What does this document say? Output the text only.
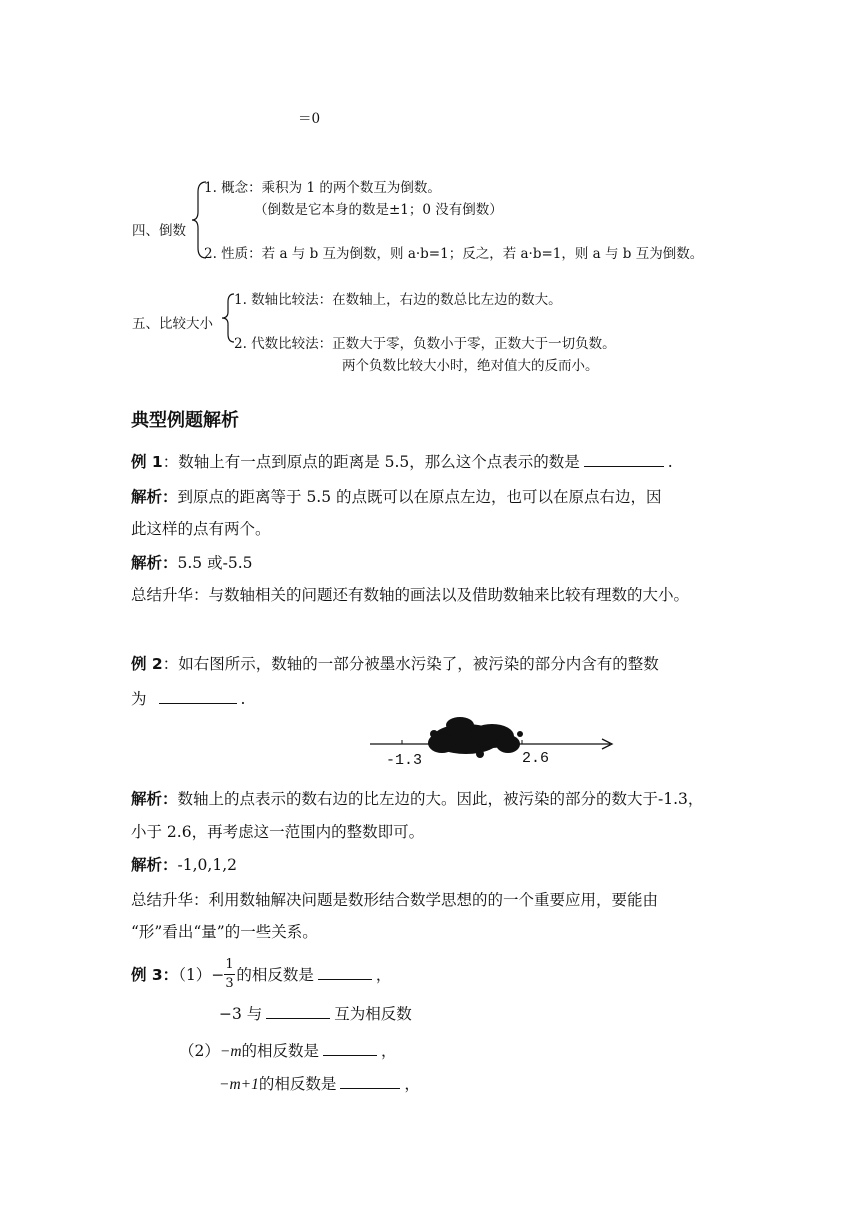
＝0
四、倒数
1. 概念：乘积为 1 的两个数互为倒数。
（倒数是它本身的数是±1；0 没有倒数）
2. 性质：若 a 与 b 互为倒数，则 a·b=1；反之，若 a·b=1，则 a 与 b 互为倒数。
五、比较大小
1. 数轴比较法：在数轴上，右边的数总比左边的数大。
2. 代数比较法：正数大于零，负数小于零，正数大于一切负数。
两个负数比较大小时，绝对值大的反而小。
典型例题解析
例 1：数轴上有一点到原点的距离是 5.5，那么这个点表示的数是	.
解析：到原点的距离等于 5.5 的点既可以在原点左边，也可以在原点右边，因
此这样的点有两个。
解析：5.5 或-5.5
总结升华：与数轴相关的问题还有数轴的画法以及借助数轴来比较有理数的大小。
例 2：如右图所示，数轴的一部分被墨水污染了，被污染的部分内含有的整数
为	.
-1.3	2.6
解析：数轴上的点表示的数右边的比左边的大。因此，被污染的部分的数大于-1.3，
小于 2.6，再考虑这一范围内的整数即可。
解析：-1,0,1,2
总结升华：利用数轴解决问题是数形结合数学思想的的一个重要应用，要能由
“形”看出“量”的一些关系。
例 3：$(1)- \frac{1}{3}$ 的相反数是	，
−3 与	互为相反数
（2）−m的相反数是	，
−m+1的相反数是	，
